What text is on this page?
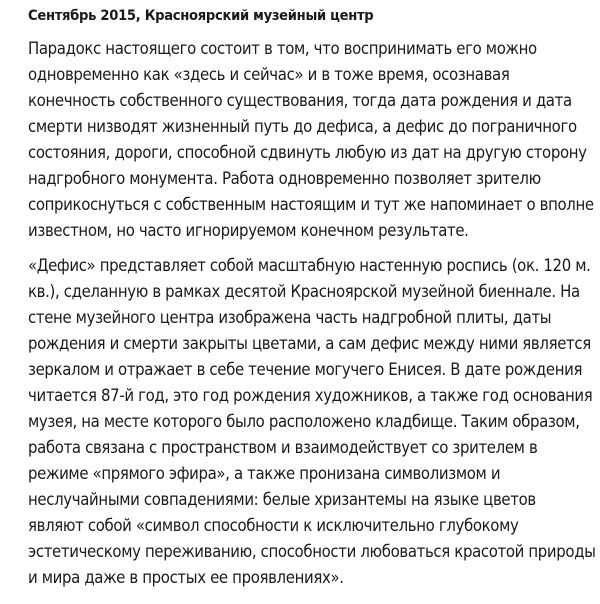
Сентябрь 2015, Красноярский музейный центр

Парадокс настоящего состоит в том, что воспринимать его можно
одновременно как «здесь и сейчас» и в тоже время, осознавая
конечность собственного существования, тогда дата рождения и дата
смерти низводят жизненный путь до дефиса, а дефис до пограничного
состояния, дороги, способной сдвинуть любую из дат на другую сторону
надгробного монумента. Работа одновременно позволяет зрителю
соприкоснуться с собственным настоящим и тут же напоминает о вполне
известном, но часто игнорируемом конечном результате.

«Дефис» представляет собой масштабную настенную роспись (ок. 120 м.
кв.), сделанную в рамках десятой Красноярской музейной биеннале. На
стене музейного центра изображена часть надгробной плиты, даты
рождения и смерти закрыты цветами, а сам дефис между ними является
зеркалом и отражает в себе течение могучего Енисея. В дате рождения
читается 87-й год, это год рождения художников, а также год основания
музея, на месте которого было расположено кладбище. Таким образом,
работа связана с пространством и взаимодействует со зрителем в
режиме «прямого эфира», а также пронизана символизмом и
неслучайными совпадениями: белые хризантемы на языке цветов
являют собой «символ способности к исключительно глубокому
эстетическому переживанию, способности любоваться красотой природы
и мира даже в простых ее проявлениях».
